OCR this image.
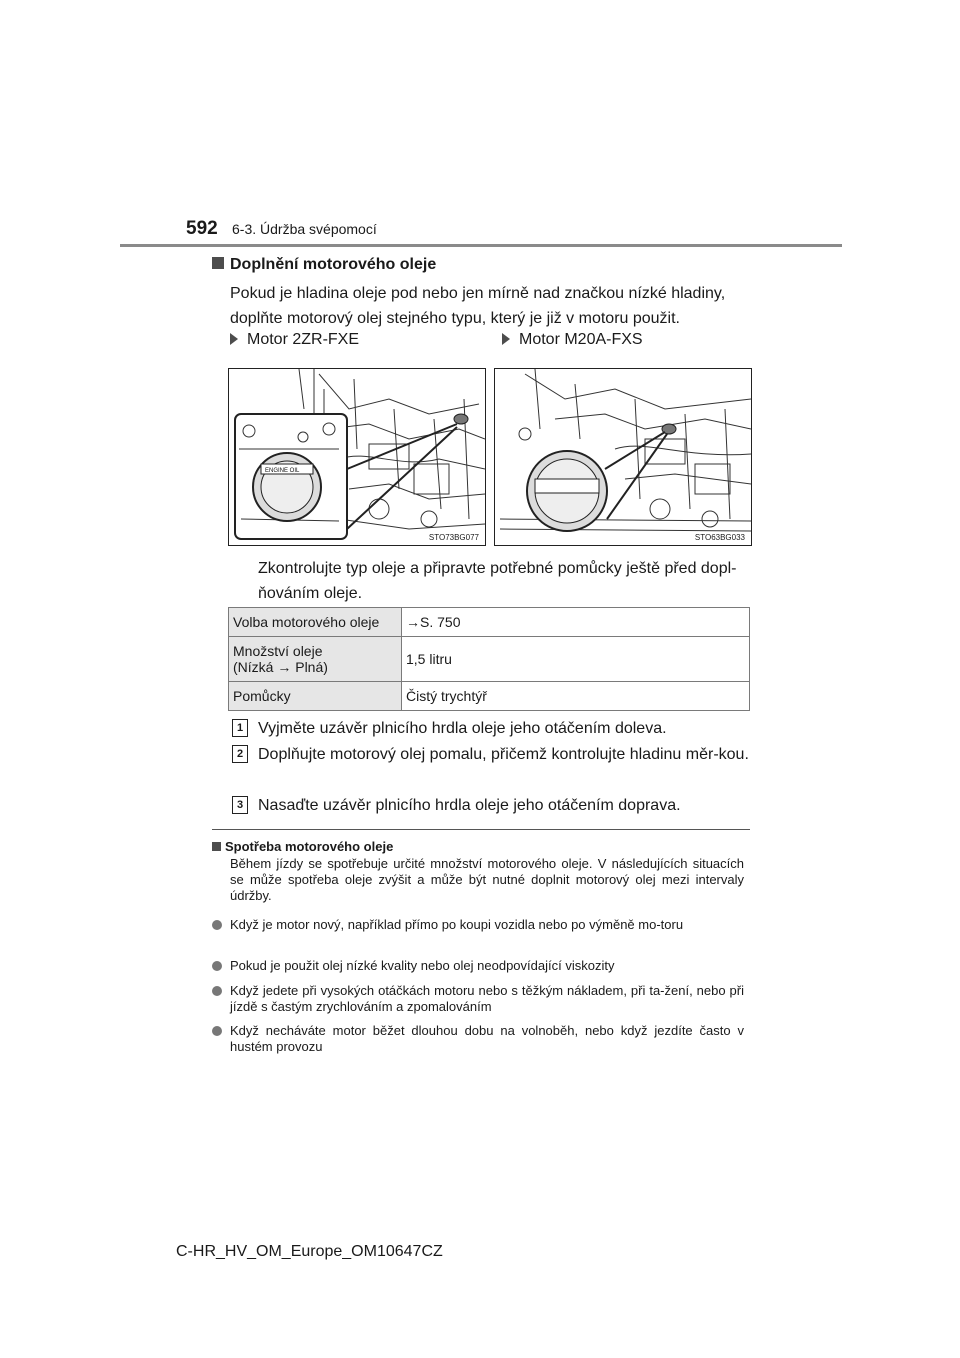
592 6-3. Údržba svépomocí
Doplnění motorového oleje
Pokud je hladina oleje pod nebo jen mírně nad značkou nízké hladiny, doplňte motorový olej stejného typu, který je již v motoru použit.
Motor 2ZR-FXE	Motor M20A-FXS
ENGINE OIL
STO73BG077	STO63BG033
Zkontrolujte typ oleje a připravte potřebné pomůcky ještě před dopl-ňováním oleje.
Volba motorového oleje	→S. 750

Množství oleje
(Nízká → Plná)	1,5 litru
Pomůcky	Čistý trychtýř
1 Vyjměte uzávěr plnicího hrdla oleje jeho otáčením doleva.
2 Doplňujte motorový olej pomalu, přičemž kontrolujte hladinu měr-kou.
3 Nasaďte uzávěr plnicího hrdla oleje jeho otáčením doprava.
Spotřeba motorového oleje
Během jízdy se spotřebuje určité množství motorového oleje. V následujících situacích se může spotřeba oleje zvýšit a může být nutné doplnit motorový olej mezi intervaly údržby.
Když je motor nový, například přímo po koupi vozidla nebo po výměně mo-toru
Pokud je použit olej nízké kvality nebo olej neodpovídající viskozity
Když jedete při vysokých otáčkách motoru nebo s těžkým nákladem, při ta-žení, nebo při jízdě s častým zrychlováním a zpomalováním
Když necháváte motor běžet dlouhou dobu na volnoběh, nebo když jezdíte často v hustém provozu
C-HR_HV_OM_Europe_OM10647CZ
